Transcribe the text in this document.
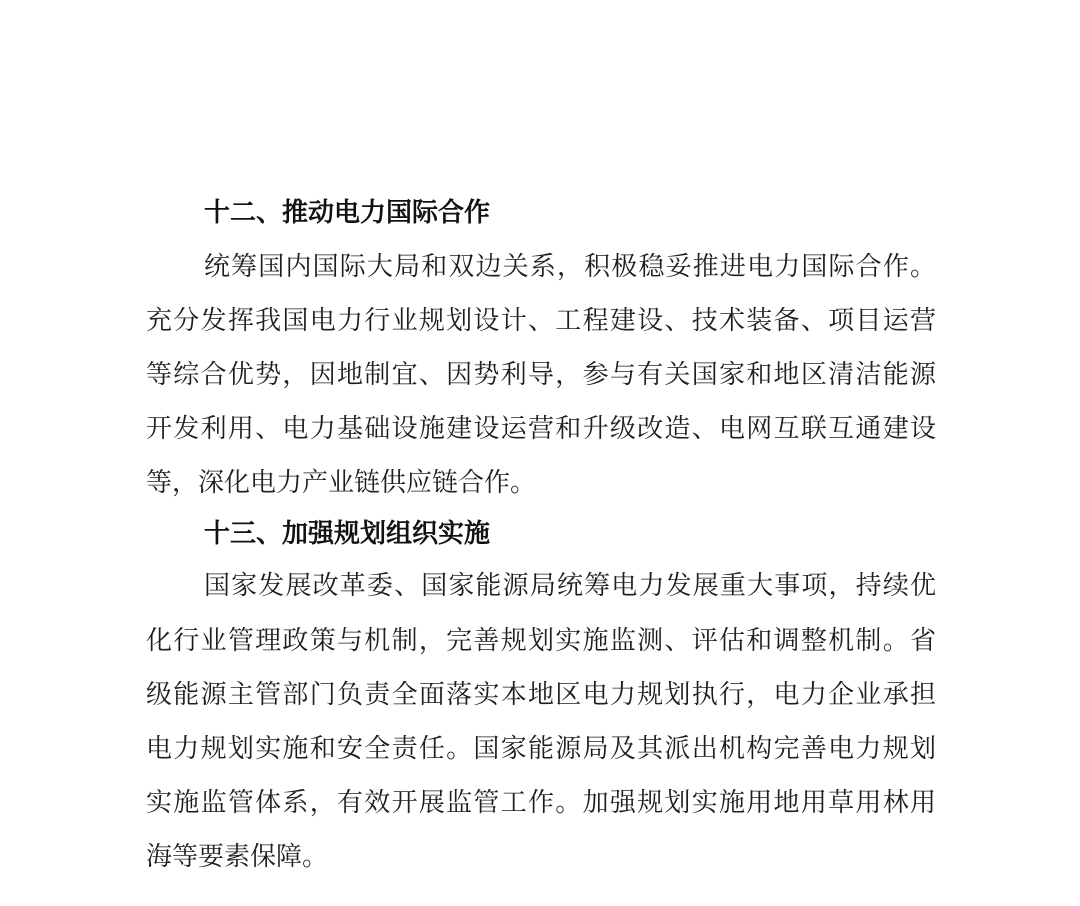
十二、推动电力国际合作
统筹国内国际大局和双边关系，积极稳妥推进电力国际合作。
充分发挥我国电力行业规划设计、工程建设、技术装备、项目运营
等综合优势，因地制宜、因势利导，参与有关国家和地区清洁能源
开发利用、电力基础设施建设运营和升级改造、电网互联互通建设
等，深化电力产业链供应链合作。
十三、加强规划组织实施
国家发展改革委、国家能源局统筹电力发展重大事项，持续优
化行业管理政策与机制，完善规划实施监测、评估和调整机制。省
级能源主管部门负责全面落实本地区电力规划执行，电力企业承担
电力规划实施和安全责任。国家能源局及其派出机构完善电力规划
实施监管体系，有效开展监管工作。加强规划实施用地用草用林用
海等要素保障。
